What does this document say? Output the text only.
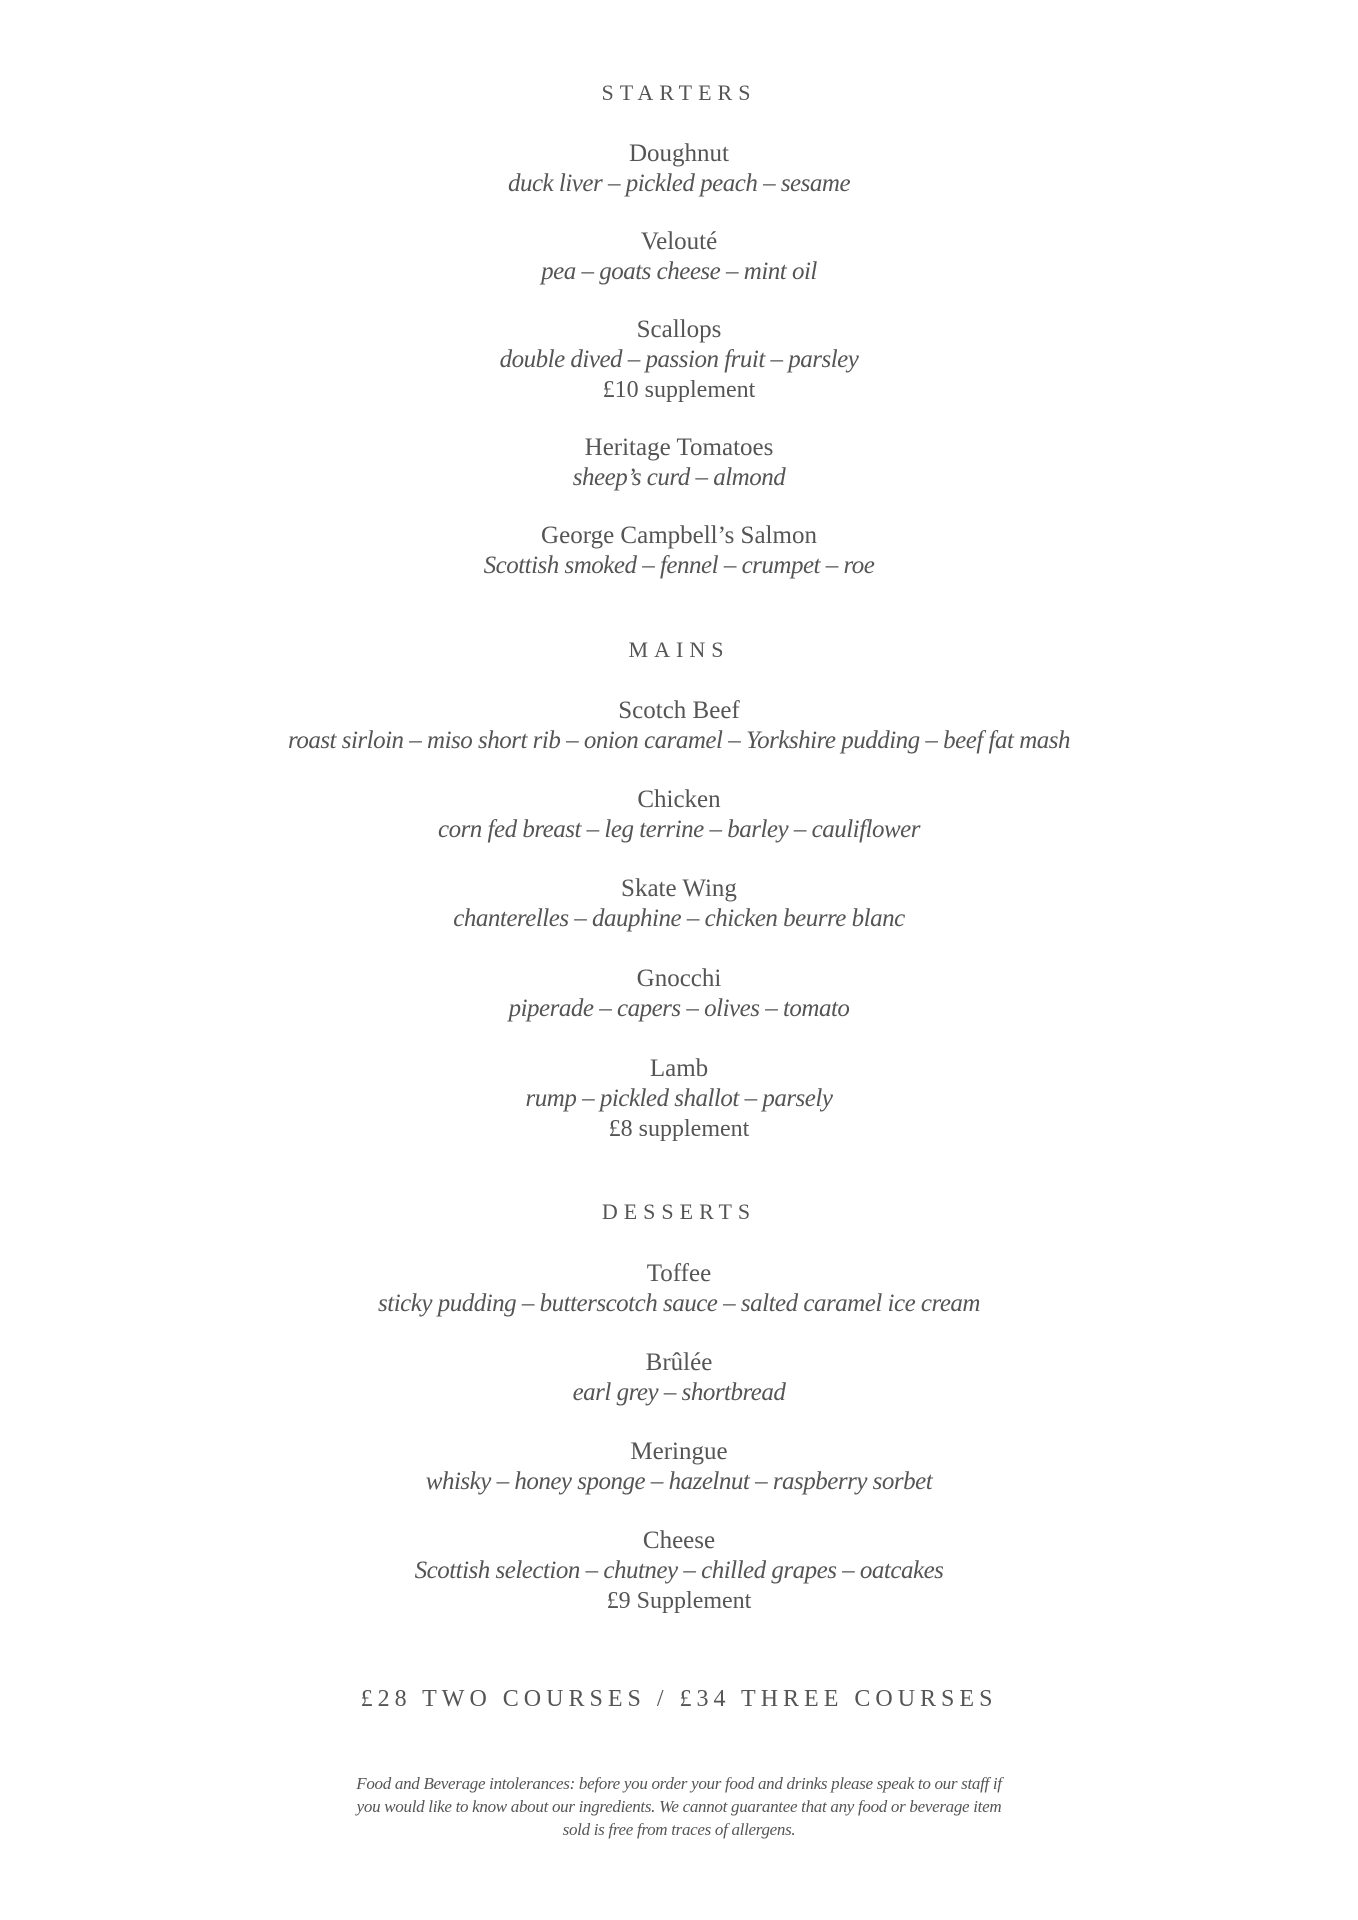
STARTERS
Doughnut
duck liver – pickled peach – sesame
Velouté
pea – goats cheese – mint oil
Scallops
double dived – passion fruit – parsley
£10 supplement
Heritage Tomatoes
sheep’s curd – almond
George Campbell’s Salmon
Scottish smoked – fennel – crumpet – roe
MAINS
Scotch Beef
roast sirloin – miso short rib – onion caramel – Yorkshire pudding – beef fat mash
Chicken
corn fed breast – leg terrine – barley – cauliflower
Skate Wing
chanterelles – dauphine – chicken beurre blanc
Gnocchi
piperade – capers – olives – tomato
Lamb
rump – pickled shallot – parsely
£8 supplement
DESSERTS
Toffee
sticky pudding – butterscotch sauce – salted caramel ice cream
Brûlée
earl grey – shortbread
Meringue
whisky – honey sponge – hazelnut – raspberry sorbet
Cheese
Scottish selection – chutney – chilled grapes – oatcakes
£9 Supplement
£28 TWO COURSES / £34 THREE COURSES
Food and Beverage intolerances: before you order your food and drinks please speak to our staff if you would like to know about our ingredients. We cannot guarantee that any food or beverage item sold is free from traces of allergens.
